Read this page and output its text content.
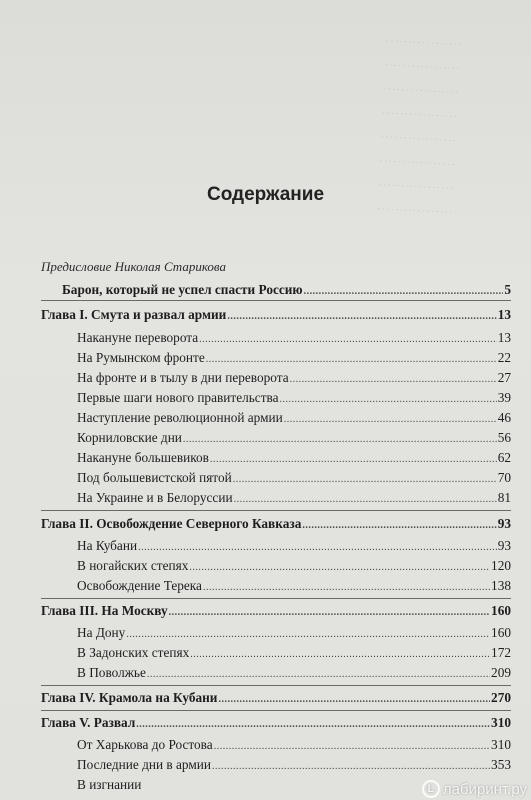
. . . . . . . . . . . . . . . . .
. . . . . . . . . . . . . . . . .
. . . . . . . . . . . . . . . . .
. . . . . . . . . . . . . . . . .
. . . . . . . . . . . . . . . . .
. . . . . . . . . . . . . . . . .
. . . . . . . . . . . . . . . . .
. . . . . . . . . . . . . . . . .
Содержание
Предисловие Николая Старикова
Барон, который не успел спасти Россию .....	5
Глава I. Смута и развал армии .....	13
Накануне переворота .....	13
На Румынском фронте .....	22
На фронте и в тылу в дни переворота .....	27
Первые шаги нового правительства .....	39
Наступление революционной армии .....	46
Корниловские дни .....	56
Накануне большевиков .....	62
Под большевистской пятой .....	70
На Украине и в Белоруссии .....	81
Глава II. Освобождение Северного Кавказа .....	93
На Кубани .....	93
В ногайских степях .....	120
Освобождение Терека .....	138
Глава III. На Москву .....	160
На Дону .....	160
В Задонских степях .....	172
В Поволжье .....	209
Глава IV. Крамола на Кубани .....	270
Глава V. Развал .....	310
От Харькова до Ростова .....	310
Последние дни в армии .....	353
В изгнании	L лабиринт.ру
